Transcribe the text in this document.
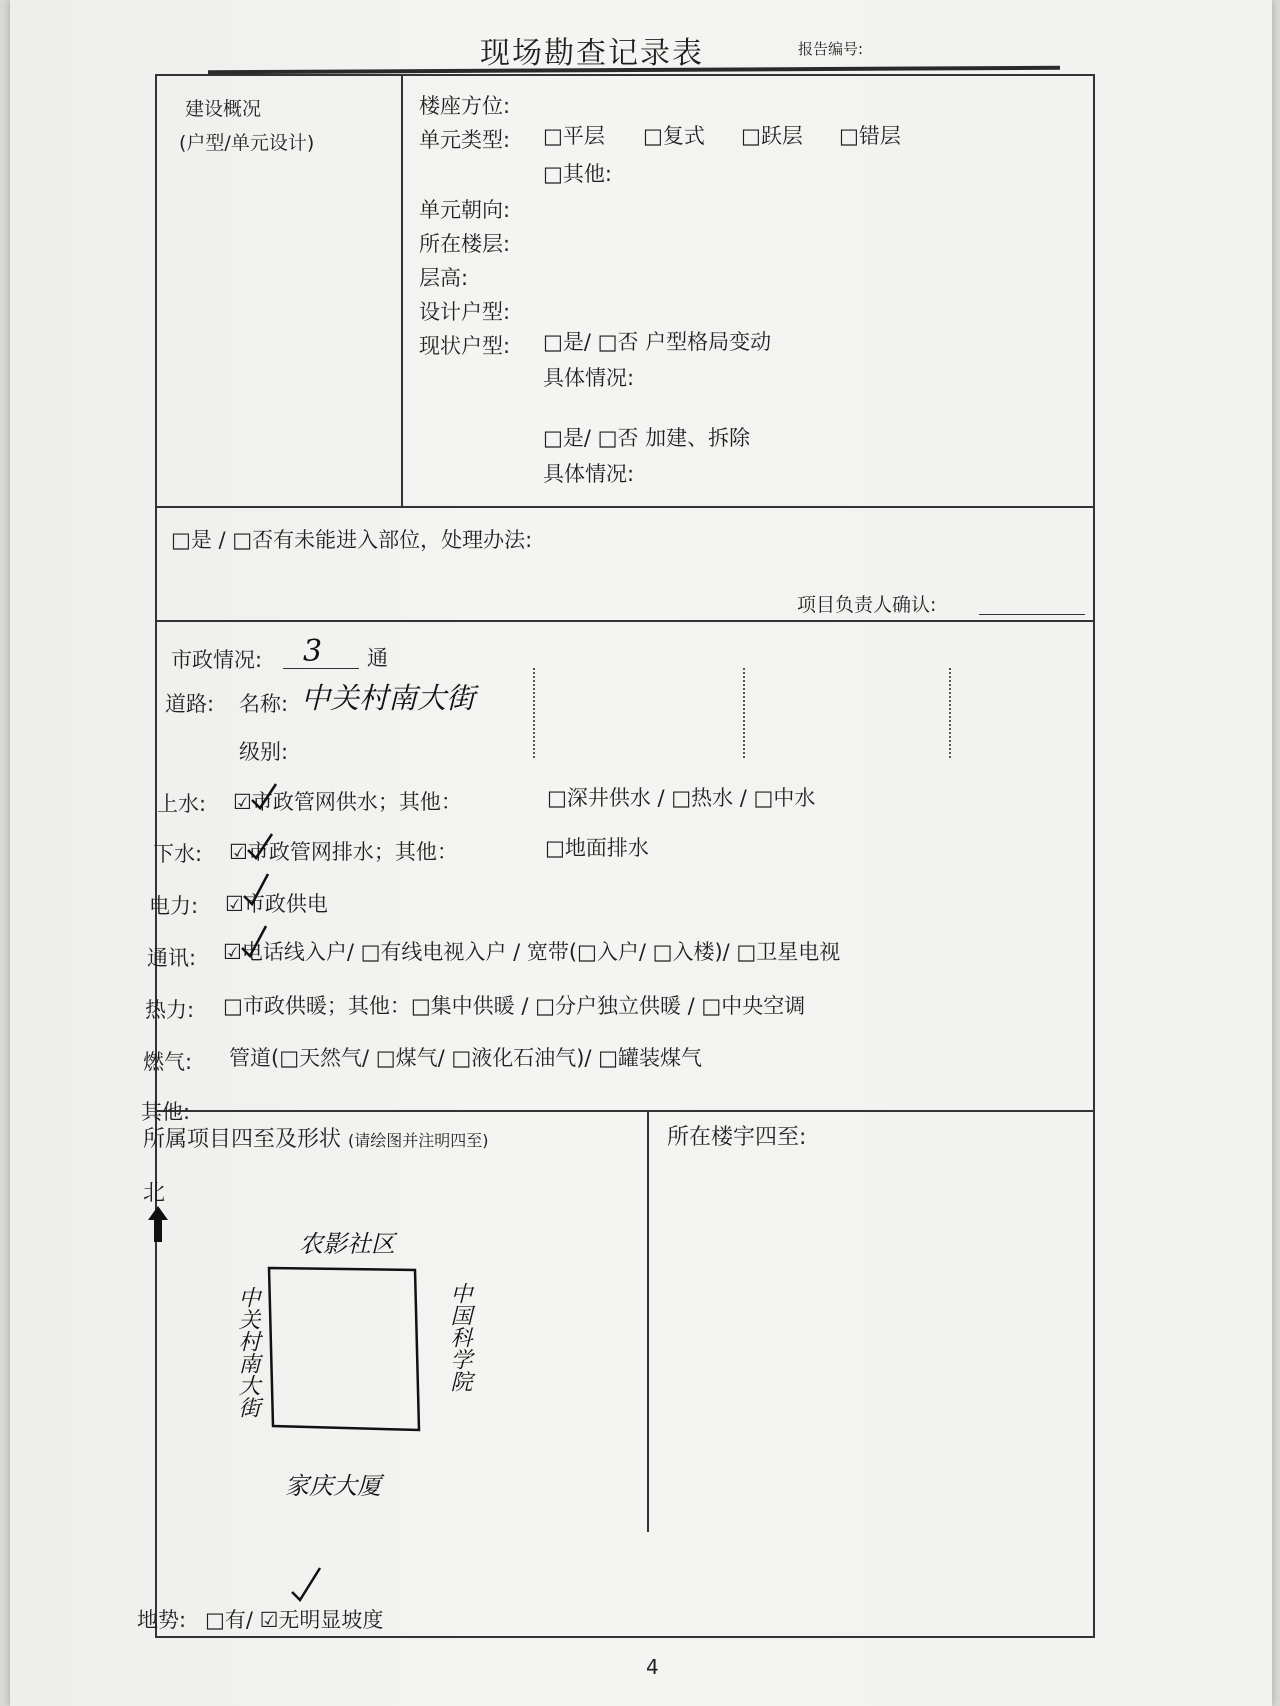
现场勘查记录表	报告编号:
建设概况
(户型/单元设计)
楼座方位:
单元类型: □平层 □复式 □跃层 □错层
□其他:
单元朝向:
所在楼层:
层高:
设计户型:
现状户型: □是/ □否 户型格局变动
具体情况:
□是/ □否 加建、拆除
具体情况:
□是 / □否有未能进入部位，处理办法:
项目负责人确认:
市政情况: 3 通
道路: 名称: 中关村南大街
级别:
上水: ☑市政管网供水；其他：	□深井供水 / □热水 / □中水
下水: ☑市政管网排水；其他：	□地面排水
电力: ☑市政供电
通讯: ☑电话线入户/ □有线电视入户 / 宽带(□入户/ □入楼)/ □卫星电视
热力: □市政供暖；其他：□集中供暖 / □分户独立供暖 / □中央空调
燃气: 管道(□天然气/ □煤气/ □液化石油气)/ □罐装煤气
其他:
所属项目四至及形状 (请绘图并注明四至)	所在楼宇四至:
北
农影社区
家庆大厦
中关村南大街	中国科学院
地势: □有/ ☑无明显坡度
4
